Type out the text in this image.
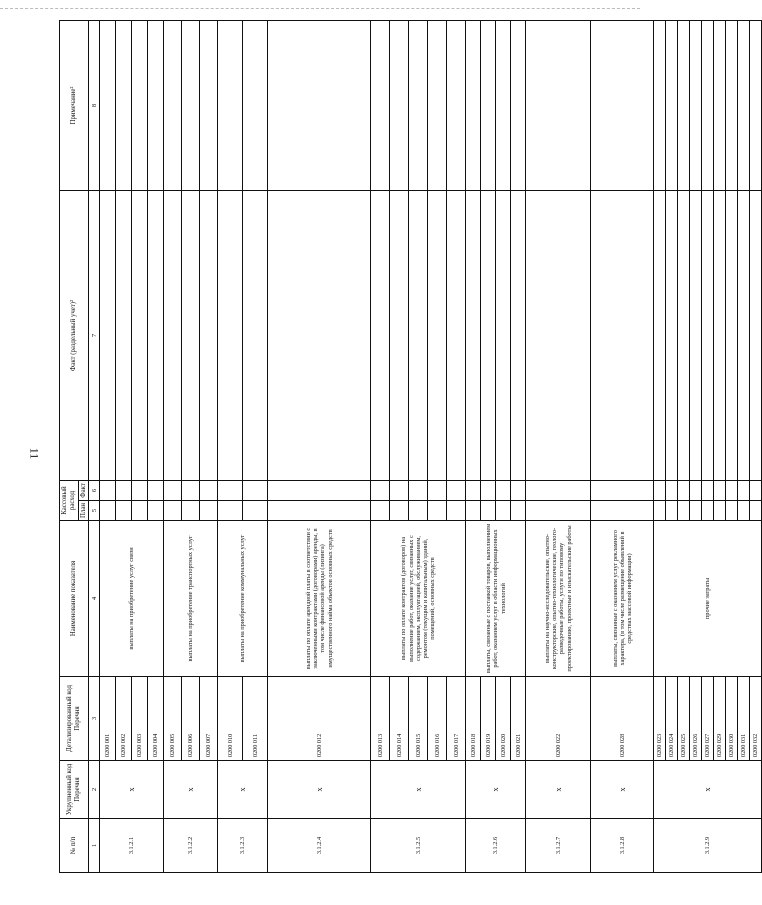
11
№ п/п	Укрупненный код Перечня	Детализированный код Перечня	Наименование показателя	Кассовый расход		Факт (раздельный учет)²	Примечание²
				План	Факт		
1	2	3	4	5	6	7	8
3.1.2.1	x	0200 001	выплаты на приобретение услуг связи				
		0200 002					
		0200 003					
		0200 004					
3.1.2.2	x	0200 005	выплаты на приобретение транспортных услуг				
		0200 006					
		0200 007					
3.1.2.3	x	0200 010	выплаты на приобретение коммунальных услуг				
		0200 011					
3.1.2.4	x	0200 012	выплаты по оплате арендной платы в соответствии с заключенными контрактами (договорами) аренды, в том числе финансовой аренды (лизинга) имущественного найма объектов основных средств				
3.1.2.5	x	0200 013	выплаты по оплате контрактов (договоров) на выполнение работ, оказание услуг, связанных с содержанием, эксплуатацией, обслуживанием, ремонтом (текущим и капитальным) зданий, помещений, основных средств				
		0200 014					
		0200 015					
		0200 016					
		0200 017					
3.1.2.6	x	0200 018	выплаты, связанные с поставкой товаров, выполнением работ, оказанием услуг в области информационных технологий				
		0200 019					
		0200 020					
		0200 021					
3.1.2.7	x	0200 022	выплаты на научно-исследовательские, опытно-конструкторские, опытно-технологические, геолого-разведочные работы, услуги по типовому проектированию, проектные и изыскательские работы				
3.1.2.8	x	0200 028	выплаты, связанные с оказанием услуг рекламного характера, (в том числе размещение объявлений в средствах массовой информации)				
3.1.2.9	x	0200 023	прочие затраты				
		0200 024					
		0200 025					
		0200 026					
		0200 027					
		0200 029					
		0200 030					
		0200 031					
		0200 032					
